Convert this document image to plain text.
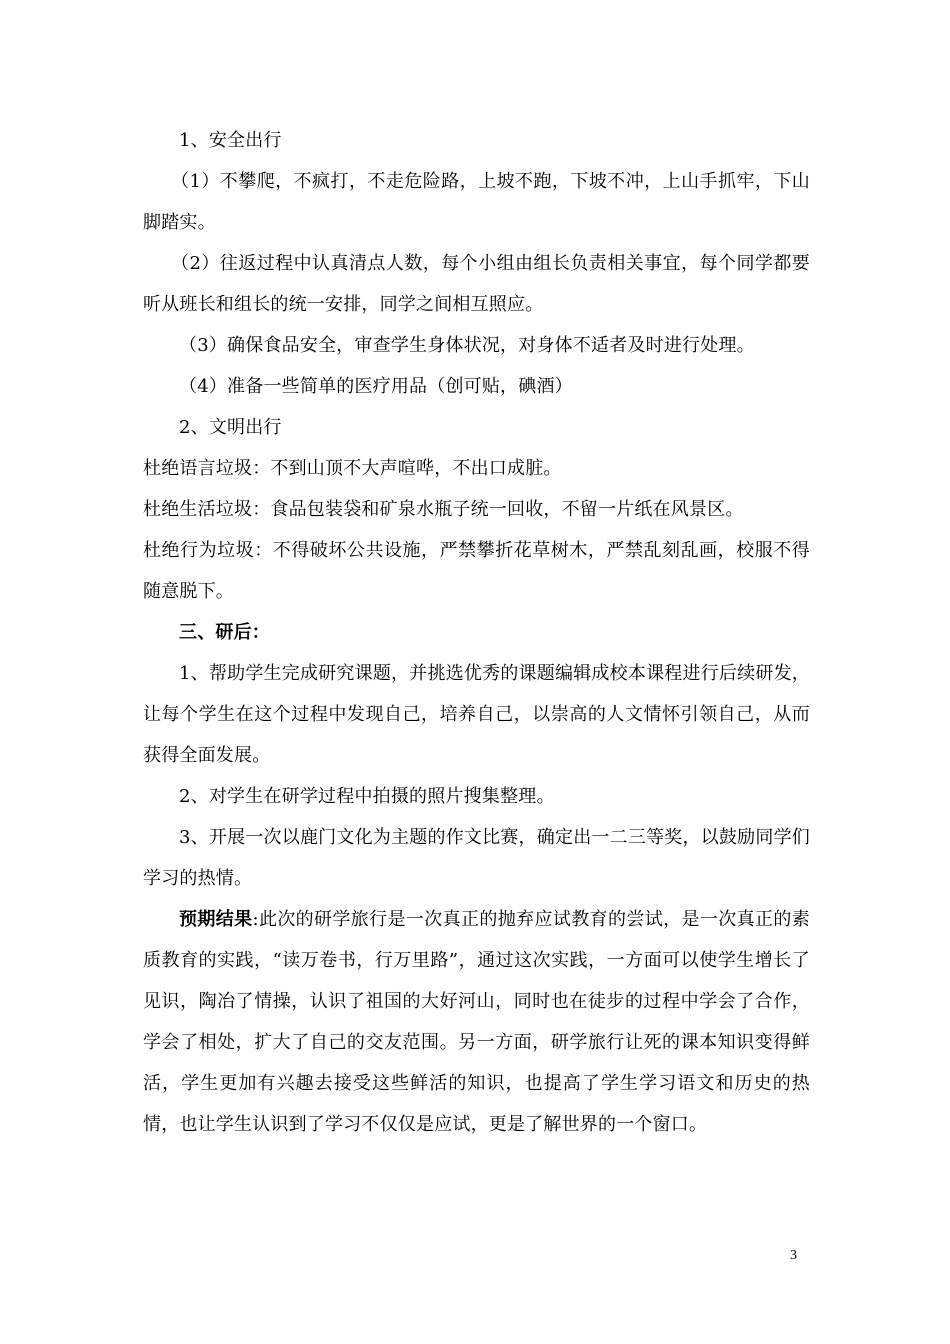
1、安全出行

（1）不攀爬，不疯打，不走危险路，上坡不跑，下坡不冲，上山手抓牢，下山脚踏实。

（2）往返过程中认真清点人数，每个小组由组长负责相关事宜，每个同学都要听从班长和组长的统一安排，同学之间相互照应。

（3）确保食品安全，审查学生身体状况，对身体不适者及时进行处理。

（4）准备一些简单的医疗用品（创可贴，碘酒）

2、文明出行

杜绝语言垃圾：不到山顶不大声喧哗，不出口成脏。

杜绝生活垃圾：食品包装袋和矿泉水瓶子统一回收，不留一片纸在风景区。

杜绝行为垃圾：不得破坏公共设施，严禁攀折花草树木，严禁乱刻乱画，校服不得随意脱下。

三、研后：

1、帮助学生完成研究课题，并挑选优秀的课题编辑成校本课程进行后续研发，让每个学生在这个过程中发现自己，培养自己，以崇高的人文情怀引领自己，从而获得全面发展。

2、对学生在研学过程中拍摄的照片搜集整理。

3、开展一次以鹿门文化为主题的作文比赛，确定出一二三等奖，以鼓励同学们学习的热情。

预期结果:此次的研学旅行是一次真正的抛弃应试教育的尝试，是一次真正的素质教育的实践，“读万卷书，行万里路”，通过这次实践，一方面可以使学生增长了见识，陶冶了情操，认识了祖国的大好河山，同时也在徒步的过程中学会了合作，学会了相处，扩大了自己的交友范围。另一方面，研学旅行让死的课本知识变得鲜活，学生更加有兴趣去接受这些鲜活的知识，也提高了学生学习语文和历史的热情，也让学生认识到了学习不仅仅是应试，更是了解世界的一个窗口。

3
